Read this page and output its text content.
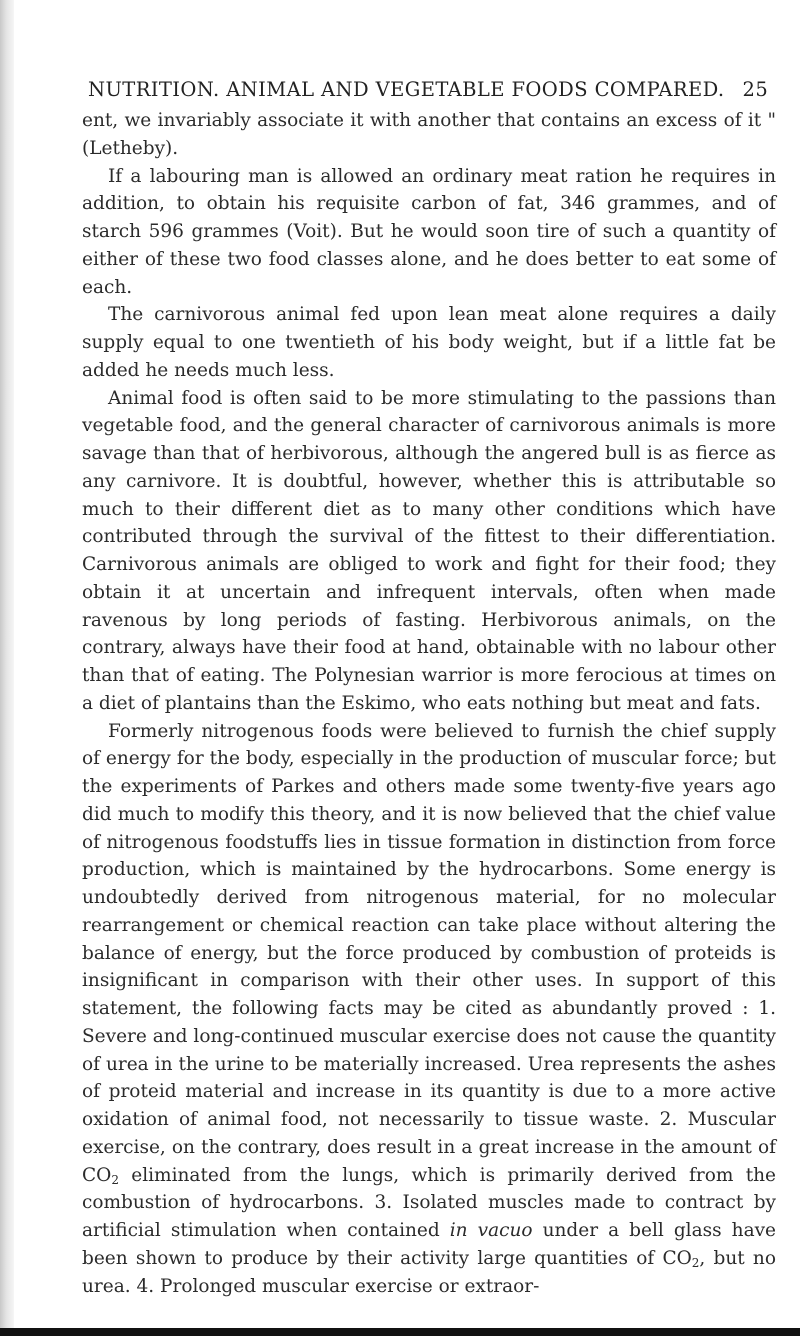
NUTRITION. ANIMAL AND VEGETABLE FOODS COMPARED. 25

ent, we invariably associate it with another that contains an excess of it " (Letheby).

If a labouring man is allowed an ordinary meat ration he requires in addition, to obtain his requisite carbon of fat, 346 grammes, and of starch 596 grammes (Voit). But he would soon tire of such a quantity of either of these two food classes alone, and he does better to eat some of each.

The carnivorous animal fed upon lean meat alone requires a daily supply equal to one twentieth of his body weight, but if a little fat be added he needs much less.

Animal food is often said to be more stimulating to the passions than vegetable food, and the general character of carnivorous animals is more savage than that of herbivorous, although the angered bull is as fierce as any carnivore. It is doubtful, however, whether this is attributable so much to their different diet as to many other conditions which have contributed through the survival of the fittest to their differentiation. Carnivorous animals are obliged to work and fight for their food; they obtain it at uncertain and infrequent intervals, often when made ravenous by long periods of fasting. Herbivorous animals, on the contrary, always have their food at hand, obtainable with no labour other than that of eating. The Polynesian warrior is more ferocious at times on a diet of plantains than the Eskimo, who eats nothing but meat and fats.

Formerly nitrogenous foods were believed to furnish the chief supply of energy for the body, especially in the production of muscular force; but the experiments of Parkes and others made some twenty-five years ago did much to modify this theory, and it is now believed that the chief value of nitrogenous foodstuffs lies in tissue formation in distinction from force production, which is maintained by the hydrocarbons. Some energy is undoubtedly derived from nitrogenous material, for no molecular rearrangement or chemical reaction can take place without altering the balance of energy, but the force produced by combustion of proteids is insignificant in comparison with their other uses. In support of this statement, the following facts may be cited as abundantly proved : 1. Severe and long-continued muscular exercise does not cause the quantity of urea in the urine to be materially increased. Urea represents the ashes of proteid material and increase in its quantity is due to a more active oxidation of animal food, not necessarily to tissue waste. 2. Muscular exercise, on the contrary, does result in a great increase in the amount of $CO_2$ eliminated from the lungs, which is primarily derived from the combustion of hydrocarbons. 3. Isolated muscles made to contract by artificial stimulation when contained in vacuo under a bell glass have been shown to produce by their activity large quantities of $CO_2$, but no urea. 4. Prolonged muscular exercise or extraor-
